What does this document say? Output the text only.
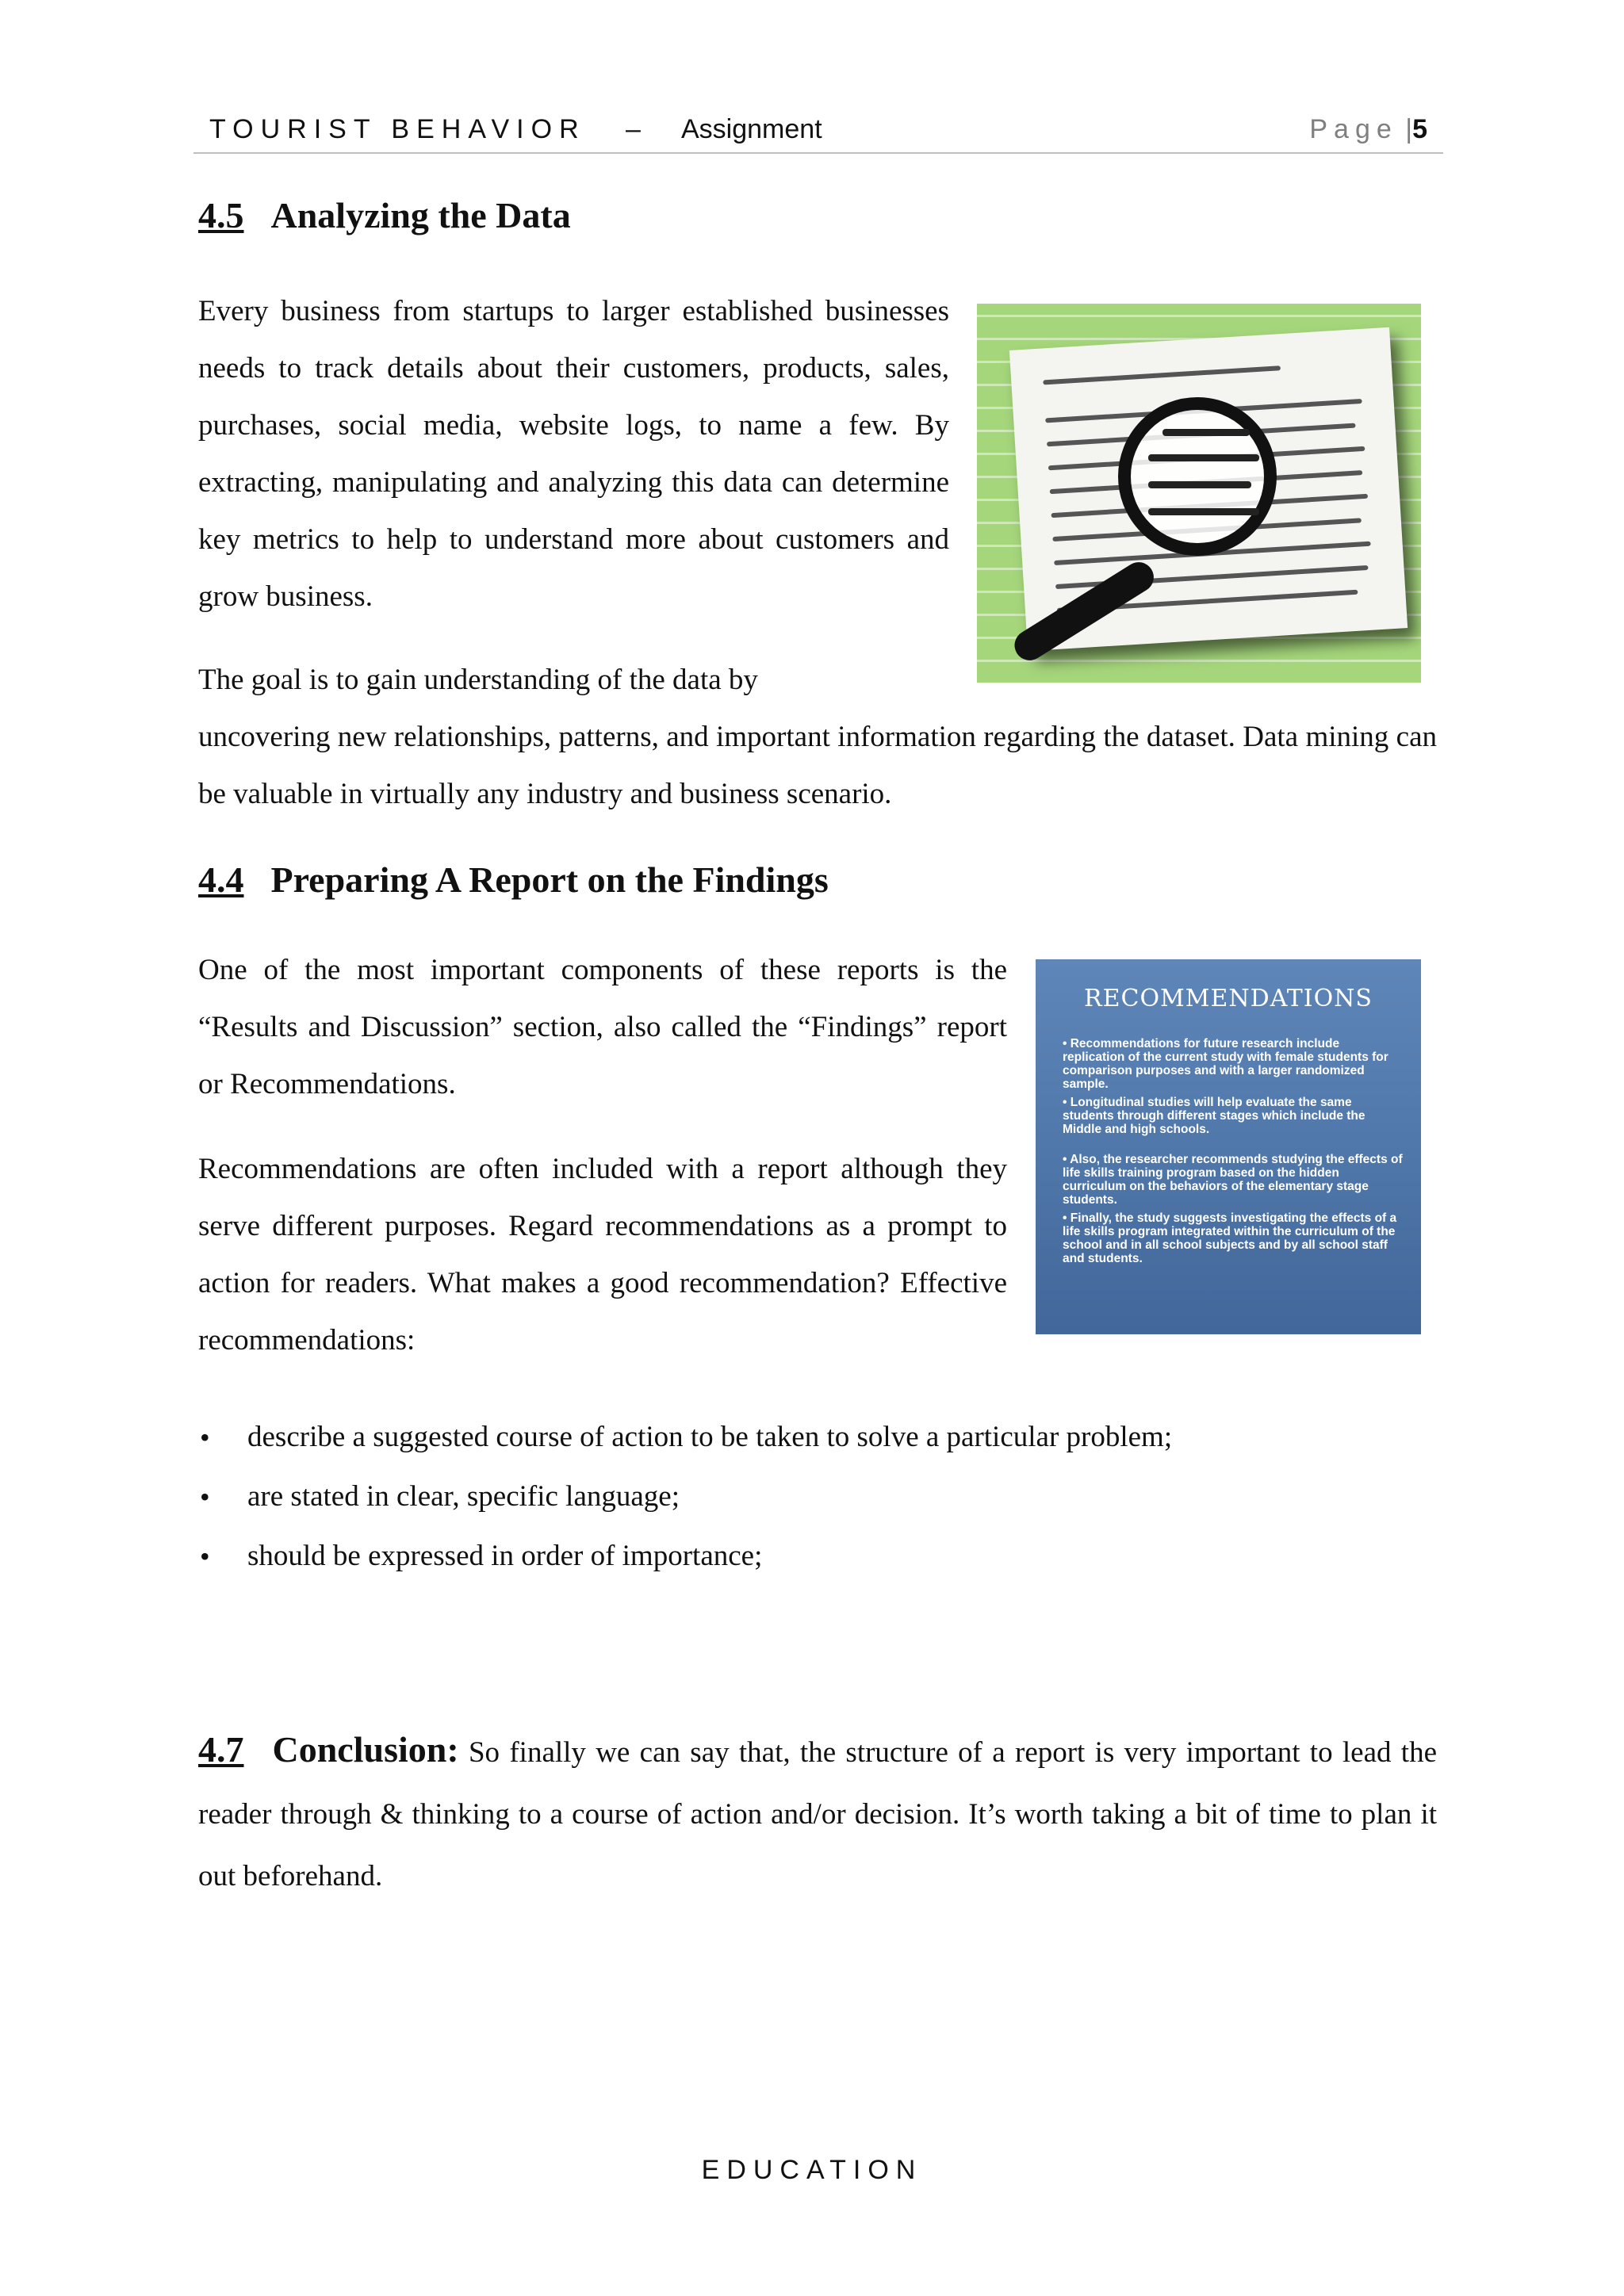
TOURIST BEHAVIOR – Assignment	Page |5
4.5 Analyzing the Data

Every business from startups to larger established businesses needs to track details about their customers, products, sales, purchases, social media, website logs, to name a few. By extracting, manipulating and analyzing this data can determine key metrics to help to understand more about customers and grow business.

The goal is to gain understanding of the data by

uncovering new relationships, patterns, and important information regarding the dataset. Data mining can be valuable in virtually any industry and business scenario.

4.4 Preparing A Report on the Findings

One of the most important components of these reports is the “Results and Discussion” section, also called the “Findings” report or Recommendations.

RECOMMENDATIONS
• Recommendations for future research include replication of the current study with female students for comparison purposes and with a larger randomized sample.
• Longitudinal studies will help evaluate the same students through different stages which include the Middle and high schools.
• Also, the researcher recommends studying the effects of life skills training program based on the hidden curriculum on the behaviors of the elementary stage students.
• Finally, the study suggests investigating the effects of a life skills program integrated within the curriculum of the school and in all school subjects and by all school staff and students.

Recommendations are often included with a report although they serve different purposes. Regard recommendations as a prompt to action for readers. What makes a good recommendation? Effective recommendations:

• describe a suggested course of action to be taken to solve a particular problem;
• are stated in clear, specific language;
• should be expressed in order of importance;

4.7 Conclusion: So finally we can say that, the structure of a report is very important to lead the reader through & thinking to a course of action and/or decision. It’s worth taking a bit of time to plan it out beforehand.

EDUCATION
